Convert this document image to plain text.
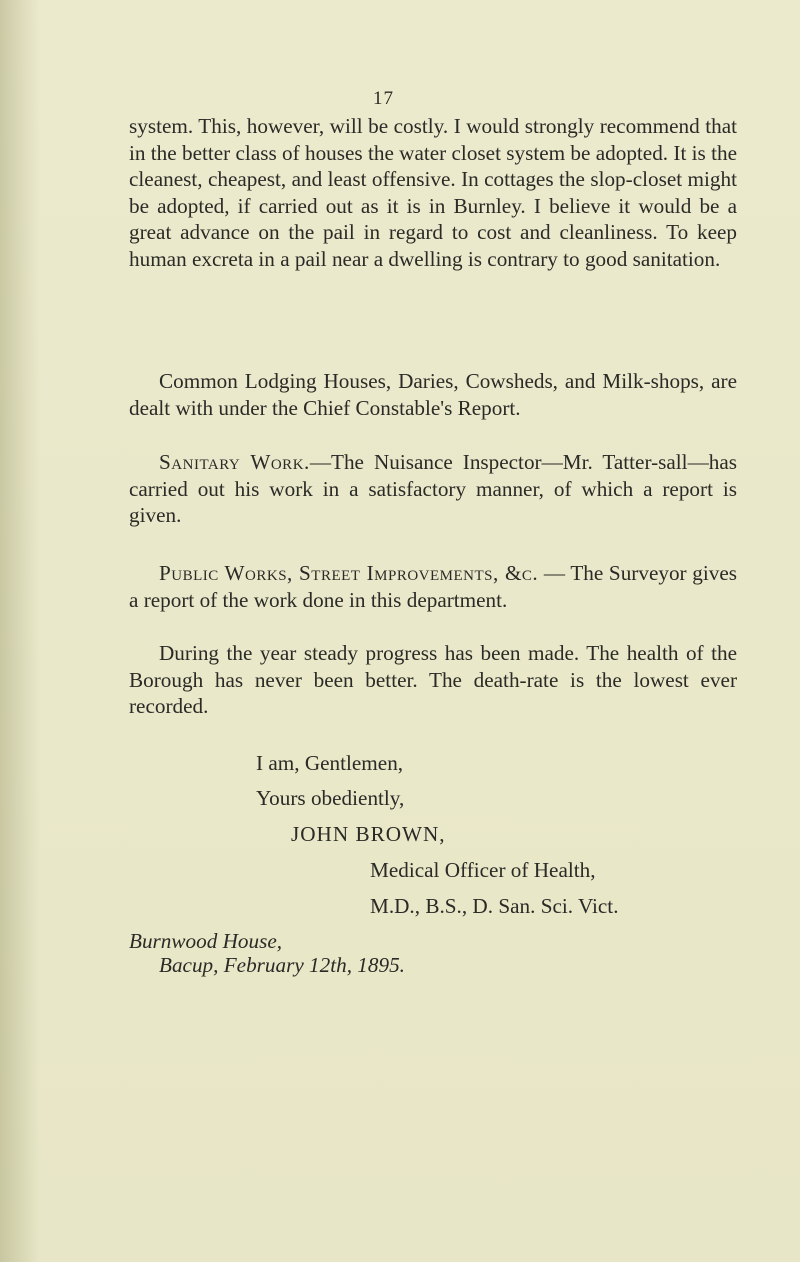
17

system. This, however, will be costly. I would strongly recommend that in the better class of houses the water closet system be adopted. It is the cleanest, cheapest, and least offensive. In cottages the slop-closet might be adopted, if carried out as it is in Burnley. I believe it would be a great advance on the pail in regard to cost and cleanliness. To keep human excreta in a pail near a dwelling is contrary to good sanitation.

Common Lodging Houses, Daries, Cowsheds, and Milk-shops, are dealt with under the Chief Constable's Report.

Sanitary Work.—The Nuisance Inspector—Mr. Tatter-sall—has carried out his work in a satisfactory manner, of which a report is given.

Public Works, Street Improvements, &c. — The Surveyor gives a report of the work done in this department.

During the year steady progress has been made. The health of the Borough has never been better. The death-rate is the lowest ever recorded.

I am, Gentlemen,
Yours obediently,
JOHN BROWN,
Medical Officer of Health,
M.D., B.S., D. San. Sci. Vict.
Burnwood House,
Bacup, February 12th, 1895.
